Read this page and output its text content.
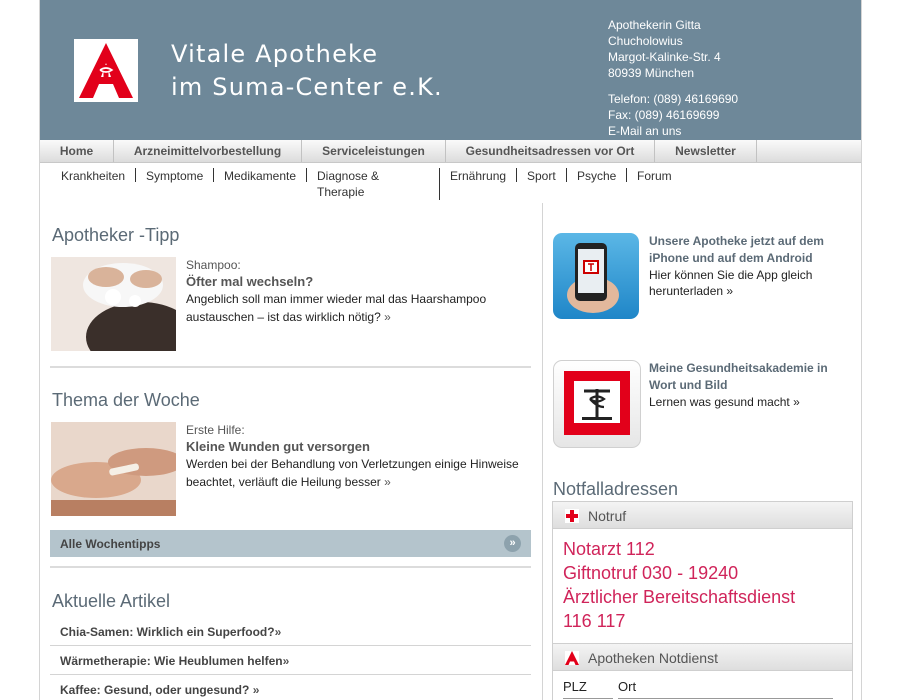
Vitale Apotheke
im Suma-Center e.K.
Apothekerin Gitta
Chucholowius
Margot-Kalinke-Str. 4
80939 München
Telefon: (089) 46169690
Fax: (089) 46169699
E-Mail an uns
Home	Arzneimittelvorbestellung	Serviceleistungen	Gesundheitsadressen vor Ort	Newsletter
Krankheiten Symptome Medikamente Diagnose &
Therapie
Ernährung Sport Psyche Forum
Apotheker -Tipp
Shampoo:
Öfter mal wechseln?
Angeblich soll man immer wieder mal das Haarshampoo
austauschen – ist das wirklich nötig? »
Thema der Woche
Erste Hilfe:
Kleine Wunden gut versorgen
Werden bei der Behandlung von Verletzungen einige Hinweise
beachtet, verläuft die Heilung besser »
Alle Wochentipps	»
Aktuelle Artikel
Chia-Samen: Wirklich ein Superfood?»
Wärmetherapie: Wie Heublumen helfen»
Kaffee: Gesund, oder ungesund? »
Unsere Apotheke jetzt auf dem
iPhone und auf dem Android
Hier können Sie die App gleich
herunterladen »
Meine Gesundheitsakademie in
Wort und Bild
Lernen was gesund macht »
Notfalladressen
Notruf
Notarzt 112
Giftnotruf 030 - 19240
Ärztlicher Bereitschaftsdienst
116 117
Apotheken Notdienst
PLZ Ort
